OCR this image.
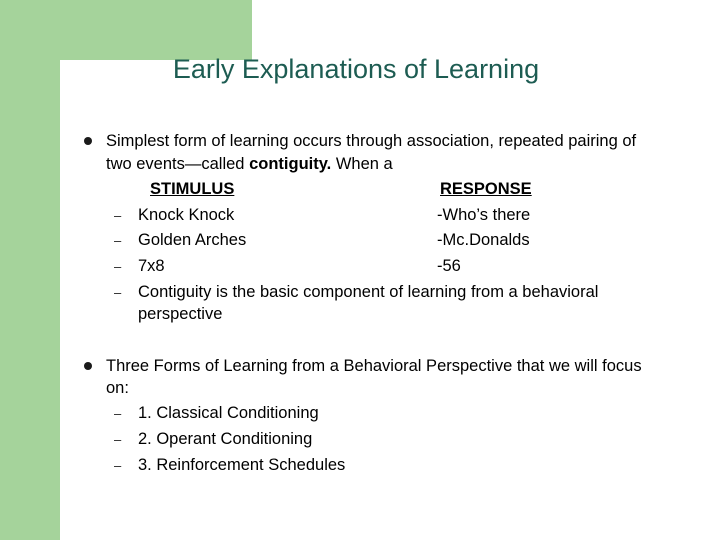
Early Explanations of Learning
Simplest form of learning occurs through association, repeated pairing of
two events—called contiguity. When a
STIMULUS	RESPONSE
– Knock Knock	-Who’s there
– Golden Arches	-Mc.Donalds
– 7x8	-56
– Contiguity is the basic component of learning from a behavioral
perspective
Three Forms of Learning from a Behavioral Perspective that we will focus
on:
– 1. Classical Conditioning
– 2. Operant Conditioning
– 3. Reinforcement Schedules
